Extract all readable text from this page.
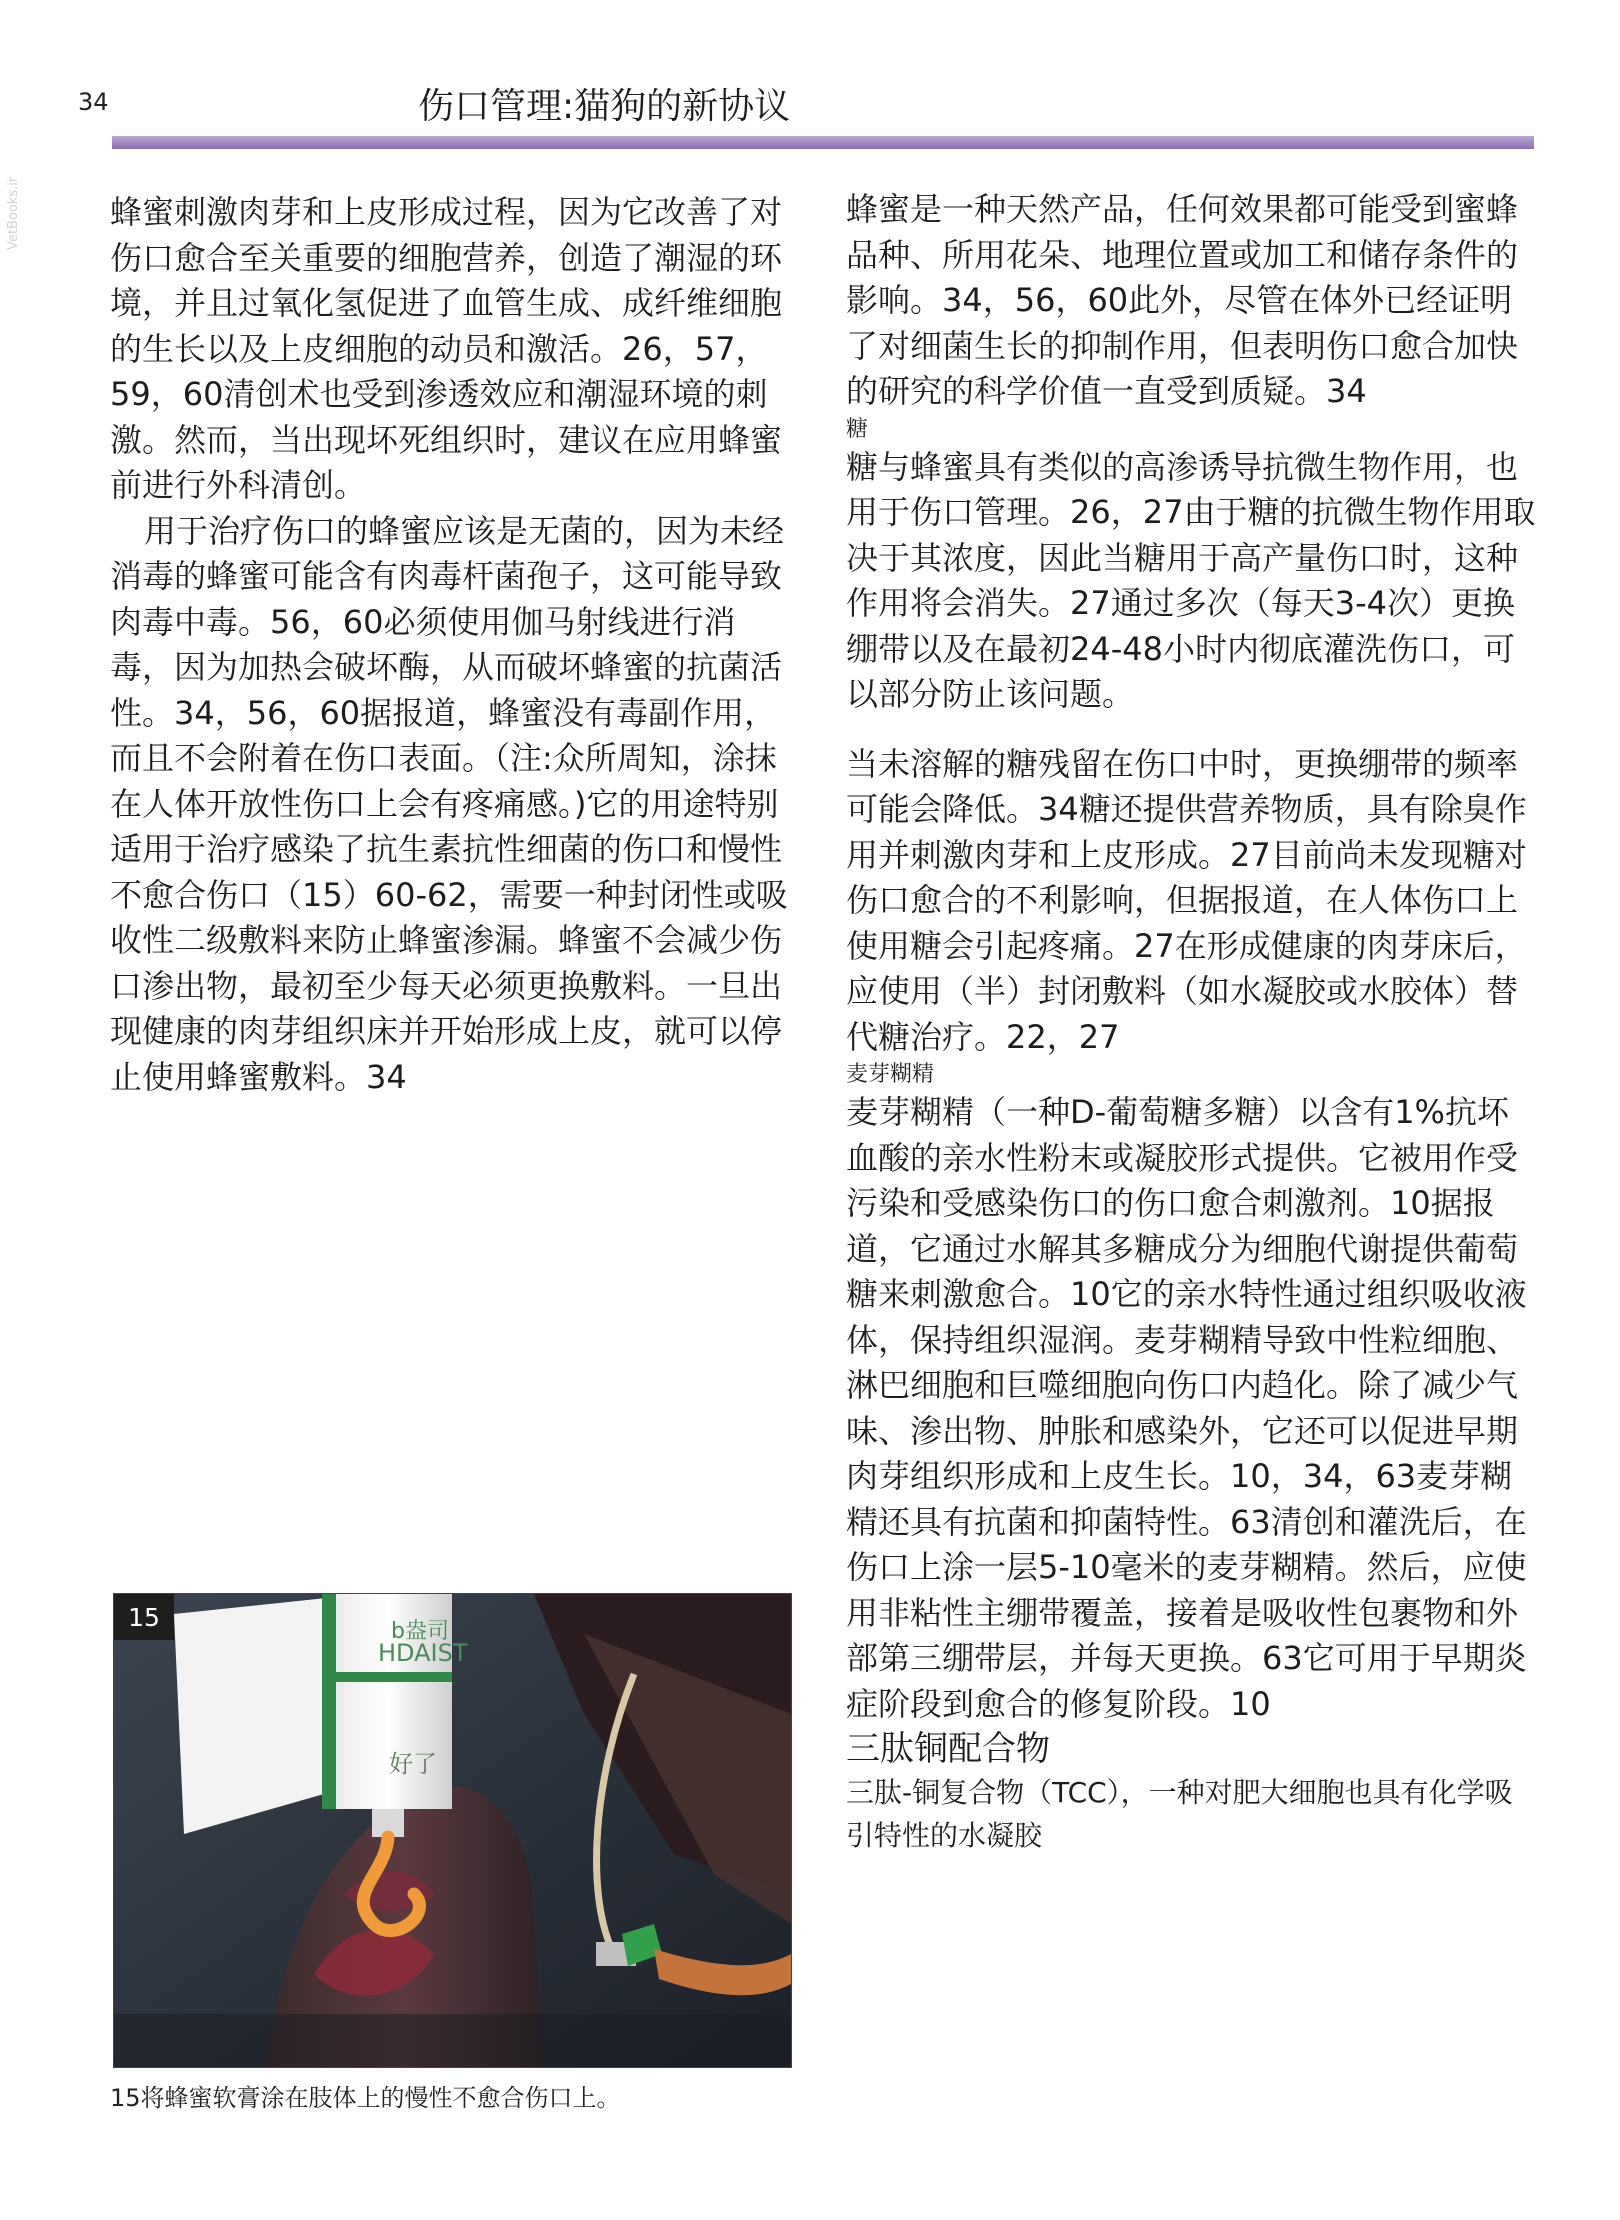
34	伤口管理:猫狗的新协议
VetBooks.ir	蜂蜜刺激肉芽和上皮形成过程，因为它改善了对伤口愈合至关重要的细胞营养，创造了潮湿的环境，并且过氧化氢促进了血管生成、成纤维细胞的生长以及上皮细胞的动员和激活。26，57，59，60清创术也受到渗透效应和潮湿环境的刺激。然而，当出现坏死组织时，建议在应用蜂蜜前进行外科清创。

用于治疗伤口的蜂蜜应该是无菌的，因为未经消毒的蜂蜜可能含有肉毒杆菌孢子，这可能导致肉毒中毒。56，60必须使用伽马射线进行消毒，因为加热会破坏酶，从而破坏蜂蜜的抗菌活性。34，56，60据报道，蜂蜜没有毒副作用，而且不会附着在伤口表面。（注:众所周知，涂抹在人体开放性伤口上会有疼痛感。)它的用途特别适用于治疗感染了抗生素抗性细菌的伤口和慢性不愈合伤口（15）60-62，需要一种封闭性或吸收性二级敷料来防止蜂蜜渗漏。蜂蜜不会减少伤口渗出物，最初至少每天必须更换敷料。一旦出现健康的肉芽组织床并开始形成上皮，就可以停止使用蜂蜜敷料。34

蜂蜜是一种天然产品，任何效果都可能受到蜜蜂品种、所用花朵、地理位置或加工和储存条件的影响。34，56，60此外，尽管在体外已经证明了对细菌生长的抑制作用，但表明伤口愈合加快的研究的科学价值一直受到质疑。34

糖

糖与蜂蜜具有类似的高渗诱导抗微生物作用，也用于伤口管理。26，27由于糖的抗微生物作用取决于其浓度，因此当糖用于高产量伤口时，这种作用将会消失。27通过多次（每天3-4次）更换绷带以及在最初24-48小时内彻底灌洗伤口，可以部分防止该问题。

当未溶解的糖残留在伤口中时，更换绷带的频率可能会降低。34糖还提供营养物质，具有除臭作用并刺激肉芽和上皮形成。27目前尚未发现糖对伤口愈合的不利影响，但据报道，在人体伤口上使用糖会引起疼痛。27在形成健康的肉芽床后，应使用（半）封闭敷料（如水凝胶或水胶体）替代糖治疗。22，27

麦芽糊精

麦芽糊精（一种D-葡萄糖多糖）以含有1%抗坏血酸的亲水性粉末或凝胶形式提供。它被用作受污染和受感染伤口的伤口愈合刺激剂。10据报道，它通过水解其多糖成分为细胞代谢提供葡萄糖来刺激愈合。10它的亲水特性通过组织吸收液体，保持组织湿润。麦芽糊精导致中性粒细胞、淋巴细胞和巨噬细胞向伤口内趋化。除了减少气味、渗出物、肿胀和感染外，它还可以促进早期肉芽组织形成和上皮生长。10，34，63麦芽糊精还具有抗菌和抑菌特性。63清创和灌洗后，在伤口上涂一层5-10毫米的麦芽糊精。然后，应使用非粘性主绷带覆盖，接着是吸收性包裹物和外部第三绷带层，并每天更换。63它可用于早期炎症阶段到愈合的修复阶段。10

三肽铜配合物

三肽-铜复合物（TCC），一种对肥大细胞也具有化学吸引特性的水凝胶

15	b盎司
HDAIST
好了
15将蜂蜜软膏涂在肢体上的慢性不愈合伤口上。
